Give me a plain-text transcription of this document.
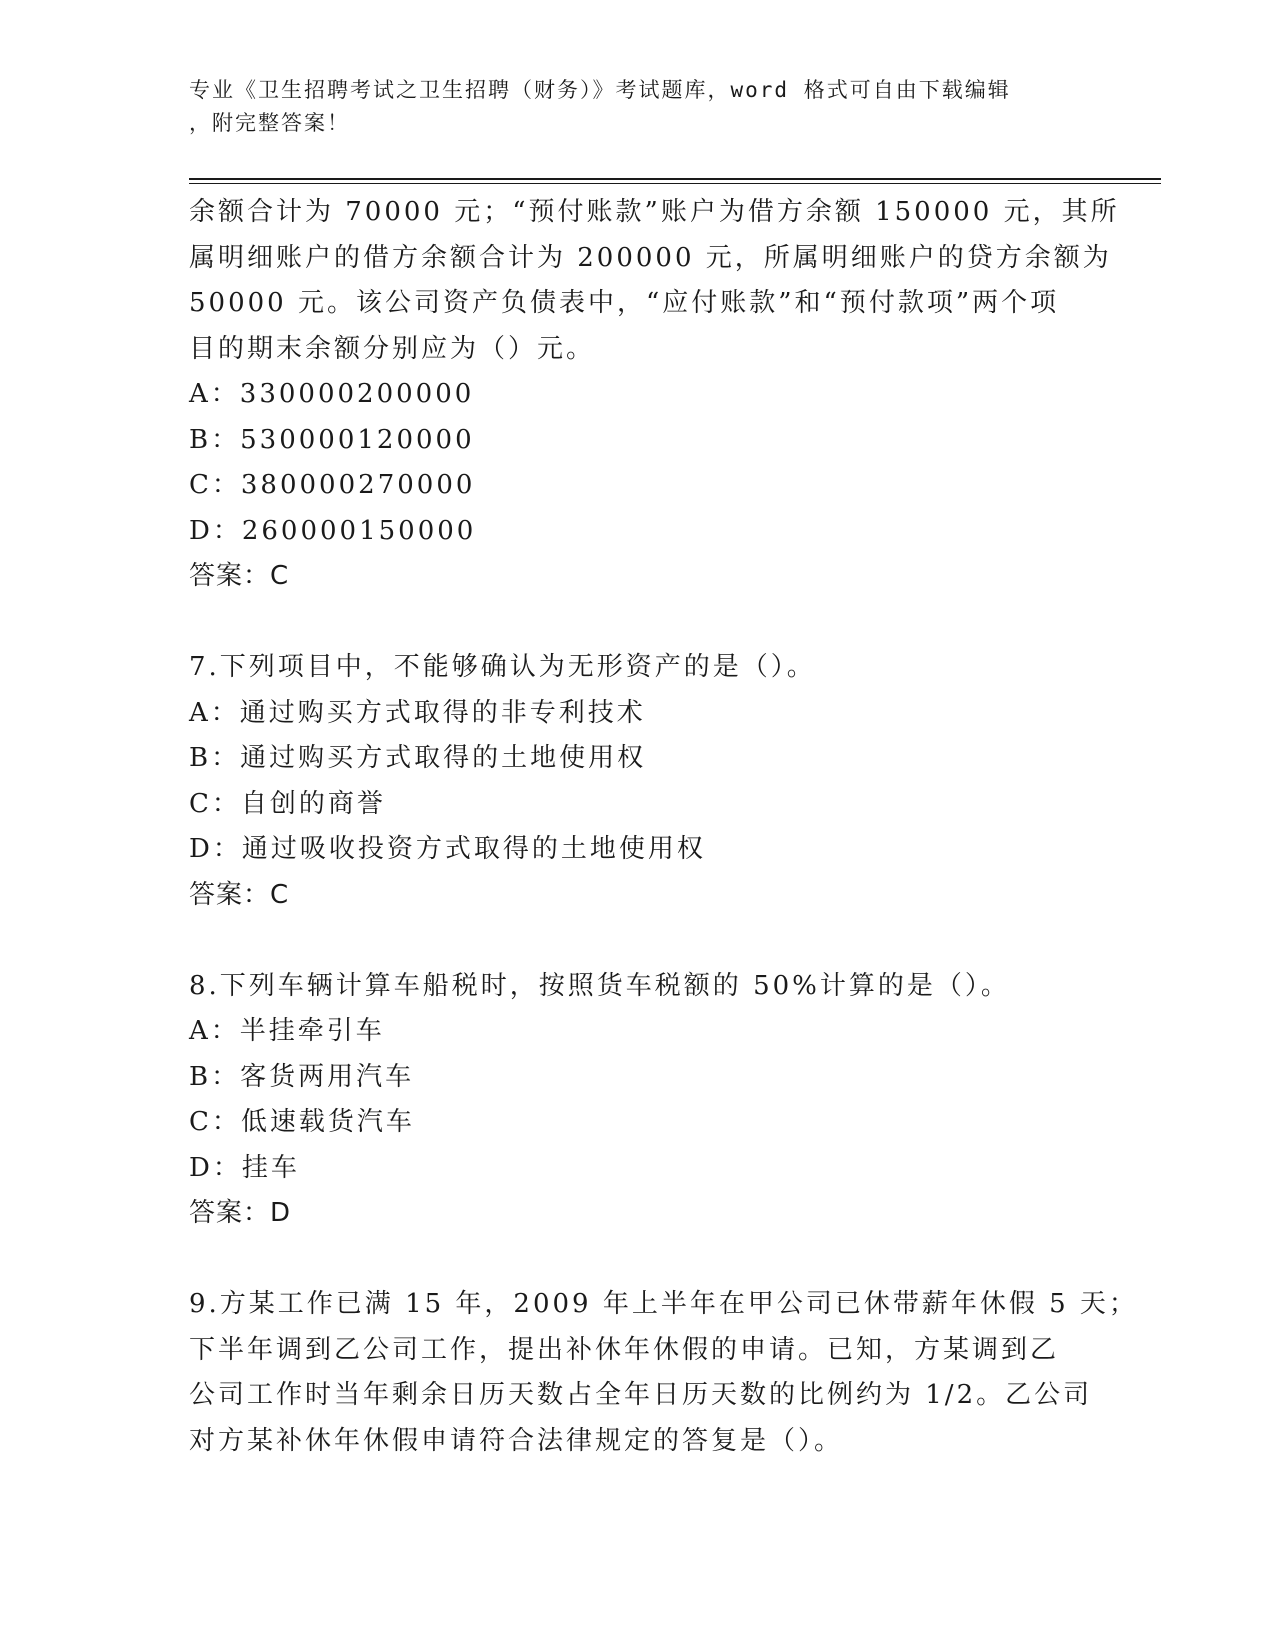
专业《卫生招聘考试之卫生招聘（财务）》考试题库，word 格式可自由下载编辑
，附完整答案！
余额合计为 70000 元；“预付账款”账户为借方余额 150000 元，其所
属明细账户的借方余额合计为 200000 元，所属明细账户的贷方余额为
50000 元。该公司资产负债表中，“应付账款”和“预付款项”两个项
目的期末余额分别应为（）元。
A：330000200000
B：530000120000
C：380000270000
D：260000150000
答案：C
7.下列项目中，不能够确认为无形资产的是（）。
A：通过购买方式取得的非专利技术
B：通过购买方式取得的土地使用权
C：自创的商誉
D：通过吸收投资方式取得的土地使用权
答案：C
8.下列车辆计算车船税时，按照货车税额的 50%计算的是（）。
A：半挂牵引车
B：客货两用汽车
C：低速载货汽车
D：挂车
答案：D
9.方某工作已满 15 年，2009 年上半年在甲公司已休带薪年休假 5 天；
下半年调到乙公司工作，提出补休年休假的申请。已知，方某调到乙
公司工作时当年剩余日历天数占全年日历天数的比例约为 1/2。乙公司
对方某补休年休假申请符合法律规定的答复是（）。
